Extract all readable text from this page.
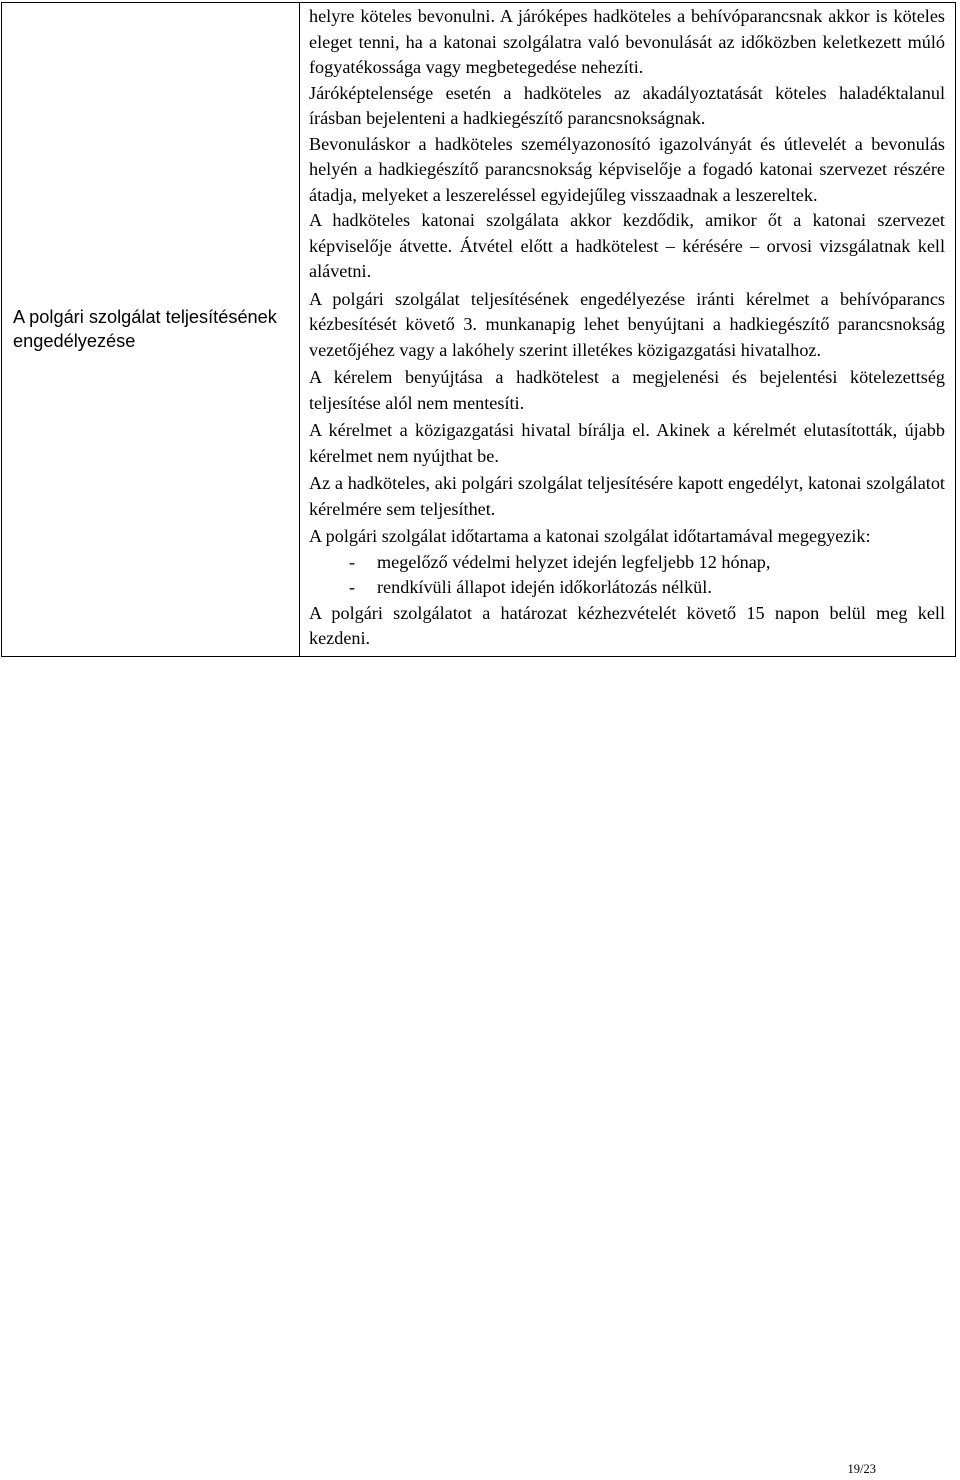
A polgári szolgálat teljesítésének engedélyezése

helyre köteles bevonulni. A járóképes hadköteles a behívóparancsnak akkor is köteles eleget tenni, ha a katonai szolgálatra való bevonulását az időközben keletkezett múló fogyatékossága vagy megbetegedése nehezíti.

Járóképtelensége esetén a hadköteles az akadályoztatását köteles haladéktalanul írásban bejelenteni a hadkiegészítő parancsnokságnak.

Bevonuláskor a hadköteles személyazonosító igazolványát és útlevelét a bevonulás helyén a hadkiegészítő parancsnokság képviselője a fogadó katonai szervezet részére átadja, melyeket a leszereléssel egyidejűleg visszaadnak a leszereltek.

A hadköteles katonai szolgálata akkor kezdődik, amikor őt a katonai szervezet képviselője átvette. Átvétel előtt a hadkötelest – kérésére – orvosi vizsgálatnak kell alávetni.

A polgári szolgálat teljesítésének engedélyezése iránti kérelmet a behívóparancs kézbesítését követő 3. munkanapig lehet benyújtani a hadkiegészítő parancsnokság vezetőjéhez vagy a lakóhely szerint illetékes közigazgatási hivatalhoz.

A kérelem benyújtása a hadkötelest a megjelenési és bejelentési kötelezettség teljesítése alól nem mentesíti.

A kérelmet a közigazgatási hivatal bírálja el. Akinek a kérelmét elutasították, újabb kérelmet nem nyújthat be.

Az a hadköteles, aki polgári szolgálat teljesítésére kapott engedélyt, katonai szolgálatot kérelmére sem teljesíthet.

A polgári szolgálat időtartama a katonai szolgálat időtartamával megegyezik:

- megelőző védelmi helyzet idején legfeljebb 12 hónap,
- rendkívüli állapot idején időkorlátozás nélkül.

A polgári szolgálatot a határozat kézhezvételét követő 15 napon belül meg kell kezdeni.

19/23
